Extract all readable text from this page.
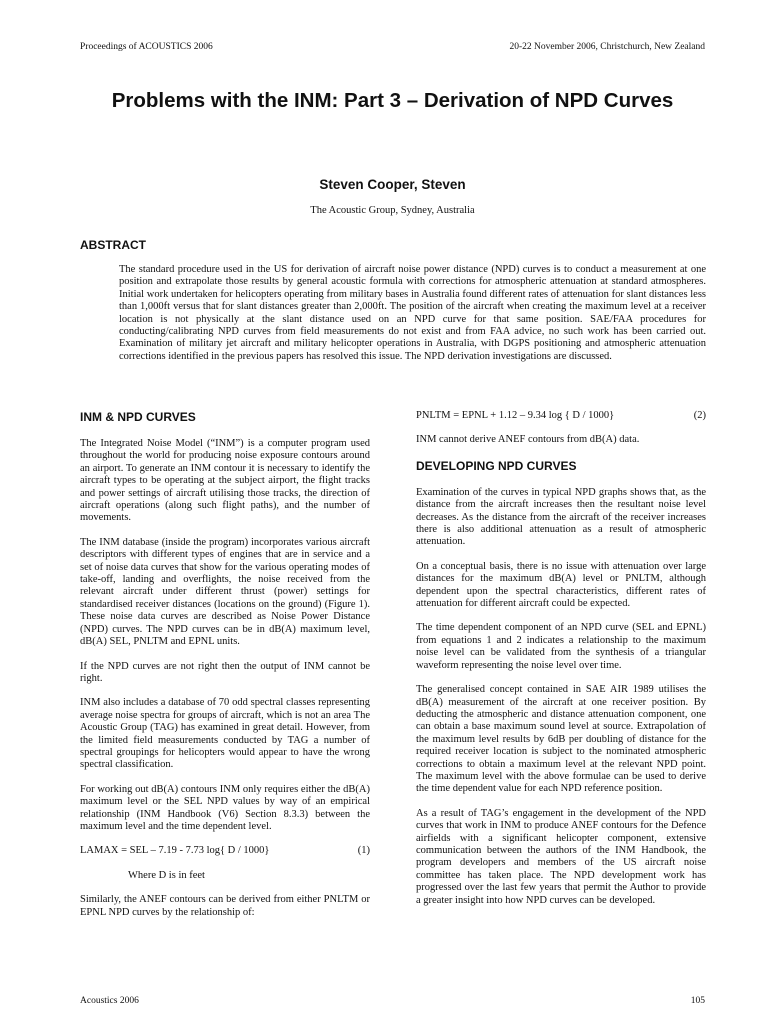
Proceedings of ACOUSTICS 2006	20-22 November 2006, Christchurch, New Zealand
Problems with the INM: Part 3 – Derivation of NPD Curves

Steven Cooper, Steven

The Acoustic Group, Sydney, Australia

ABSTRACT

The standard procedure used in the US for derivation of aircraft noise power distance (NPD) curves is to conduct a measurement at one position and extrapolate those results by general acoustic formula with corrections for atmospheric attenuation at standard atmospheres. Initial work undertaken for helicopters operating from military bases in Australia found different rates of attenuation for slant distances less than 1,000ft versus that for slant distances greater than 2,000ft. The position of the aircraft when creating the maximum level at a receiver location is not physically at the slant distance used on an NPD curve for that same position. SAE/FAA procedures for conducting/calibrating NPD curves from field measurements do not exist and from FAA advice, no such work has been carried out. Examination of military jet aircraft and military helicopter operations in Australia, with DGPS positioning and atmospheric attenuation corrections identified in the previous papers has resolved this issue. The NPD derivation investigations are discussed.

INM & NPD CURVES

The Integrated Noise Model (“INM”) is a computer program used throughout the world for producing noise exposure contours around an airport. To generate an INM contour it is necessary to identify the aircraft types to be operating at the subject airport, the flight tracks and power settings of aircraft utilising those tracks, the direction of aircraft operations (along such flight paths), and the number of movements.

The INM database (inside the program) incorporates various aircraft descriptors with different types of engines that are in service and a set of noise data curves that show for the various operating modes of take-off, landing and overflights, the noise received from the relevant aircraft under different thrust (power) settings for standardised receiver distances (locations on the ground) (Figure 1). These noise data curves are described as Noise Power Distance (NPD) curves. The NPD curves can be in dB(A) maximum level, dB(A) SEL, PNLTM and EPNL units.

If the NPD curves are not right then the output of INM cannot be right.

INM also includes a database of 70 odd spectral classes representing average noise spectra for groups of aircraft, which is not an area The Acoustic Group (TAG) has examined in great detail. However, from the limited field measurements conducted by TAG a number of spectral groupings for helicopters would appear to have the wrong spectral classification.

For working out dB(A) contours INM only requires either the dB(A) maximum level or the SEL NPD values by way of an empirical relationship (INM Handbook (V6) Section 8.3.3) between the maximum level and the time dependent level.

LAMAX = SEL – 7.19 - 7.73 log{ D / 1000}	(1)
Where D is in feet

Similarly, the ANEF contours can be derived from either PNLTM or EPNL NPD curves by the relationship of:

PNLTM = EPNL + 1.12 – 9.34 log { D / 1000}	(2)

INM cannot derive ANEF contours from dB(A) data.

DEVELOPING NPD CURVES

Examination of the curves in typical NPD graphs shows that, as the distance from the aircraft increases then the resultant noise level decreases. As the distance from the aircraft of the receiver increases there is also additional attenuation as a result of atmospheric attenuation.

On a conceptual basis, there is no issue with attenuation over large distances for the maximum dB(A) level or PNLTM, although dependent upon the spectral characteristics, different rates of attenuation for different aircraft could be expected.

The time dependent component of an NPD curve (SEL and EPNL) from equations 1 and 2 indicates a relationship to the maximum noise level can be validated from the synthesis of a triangular waveform representing the noise level over time.

The generalised concept contained in SAE AIR 1989 utilises the dB(A) measurement of the aircraft at one receiver position. By deducting the atmospheric and distance attenuation component, one can obtain a base maximum sound level at source. Extrapolation of the maximum level results by 6dB per doubling of distance for the required receiver location is subject to the nominated atmospheric corrections to obtain a maximum level at the relevant NPD point. The maximum level with the above formulae can be used to derive the time dependent value for each NPD reference position.

As a result of TAG’s engagement in the development of the NPD curves that work in INM to produce ANEF contours for the Defence airfields with a significant helicopter component, extensive communication between the authors of the INM Handbook, the program developers and members of the US aircraft noise committee has taken place. The NPD development work has progressed over the last few years that permit the Author to provide a greater insight into how NPD curves can be developed.

Acoustics 2006	105
